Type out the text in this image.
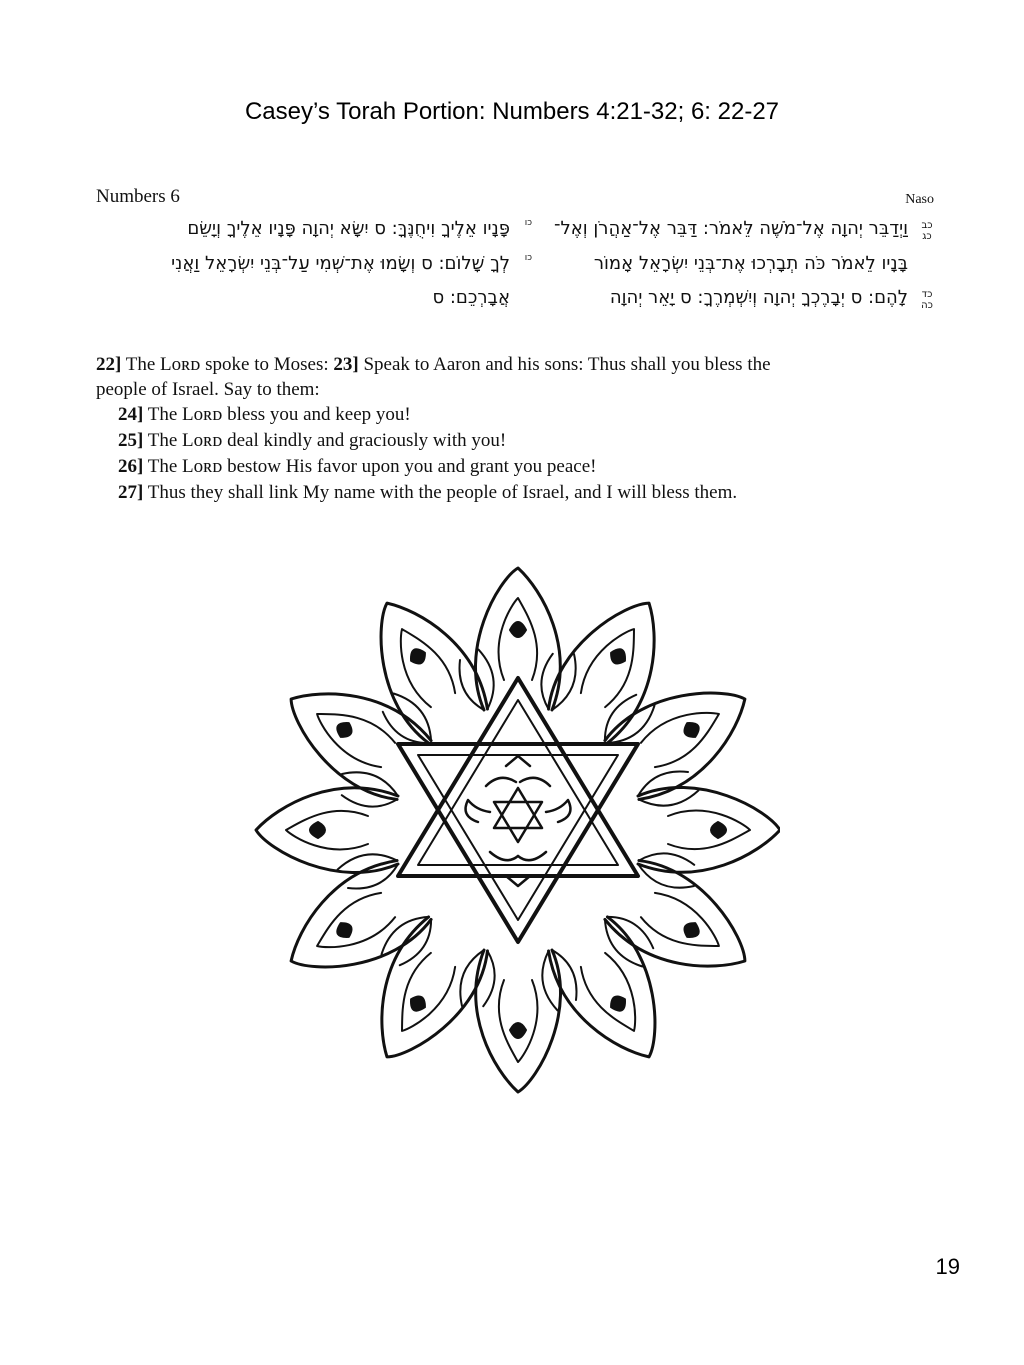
Casey’s Torah Portion: Numbers 4:21-32; 6: 22-27
Numbers 6	Naso
כב
כג
וַיְדַבֵּר יְהוָה אֶל־מֹשֶׁה לֵּאמֹר: דַּבֵּר אֶל־אַהֲרֹן וְאֶל־
כו
פָּנָיו אֵלֶיךָ וִיחֻנֶּךָּ: ס יִשָּׂא יְהוָה פָּנָיו אֵלֶיךָ וְיָשֵׂם
בָּנָיו לֵאמֹר כֹּה תְבָרְכוּ אֶת־בְּנֵי יִשְׂרָאֵל אָמוֹר
כו
לְךָ שָׁלוֹם: ס וְשָׂמוּ אֶת־שְׁמִי עַל־בְּנֵי יִשְׂרָאֵל וַאֲנִי
כד
כה
לָהֶם: ס יְבָרֶכְךָ יְהוָה וְיִשְׁמְרֶךָ: ס יָאֵר יְהוָה
אֲבָרְכֵם: ס
22] The Lᴏʀᴅ spoke to Moses: 23] Speak to Aaron and his sons: Thus shall you bless the
people of Israel. Say to them:
24] The Lᴏʀᴅ bless you and keep you!
25] The Lᴏʀᴅ deal kindly and graciously with you!
26] The Lᴏʀᴅ bestow His favor upon you and grant you peace!
27] Thus they shall link My name with the people of Israel, and I will bless them.
19
